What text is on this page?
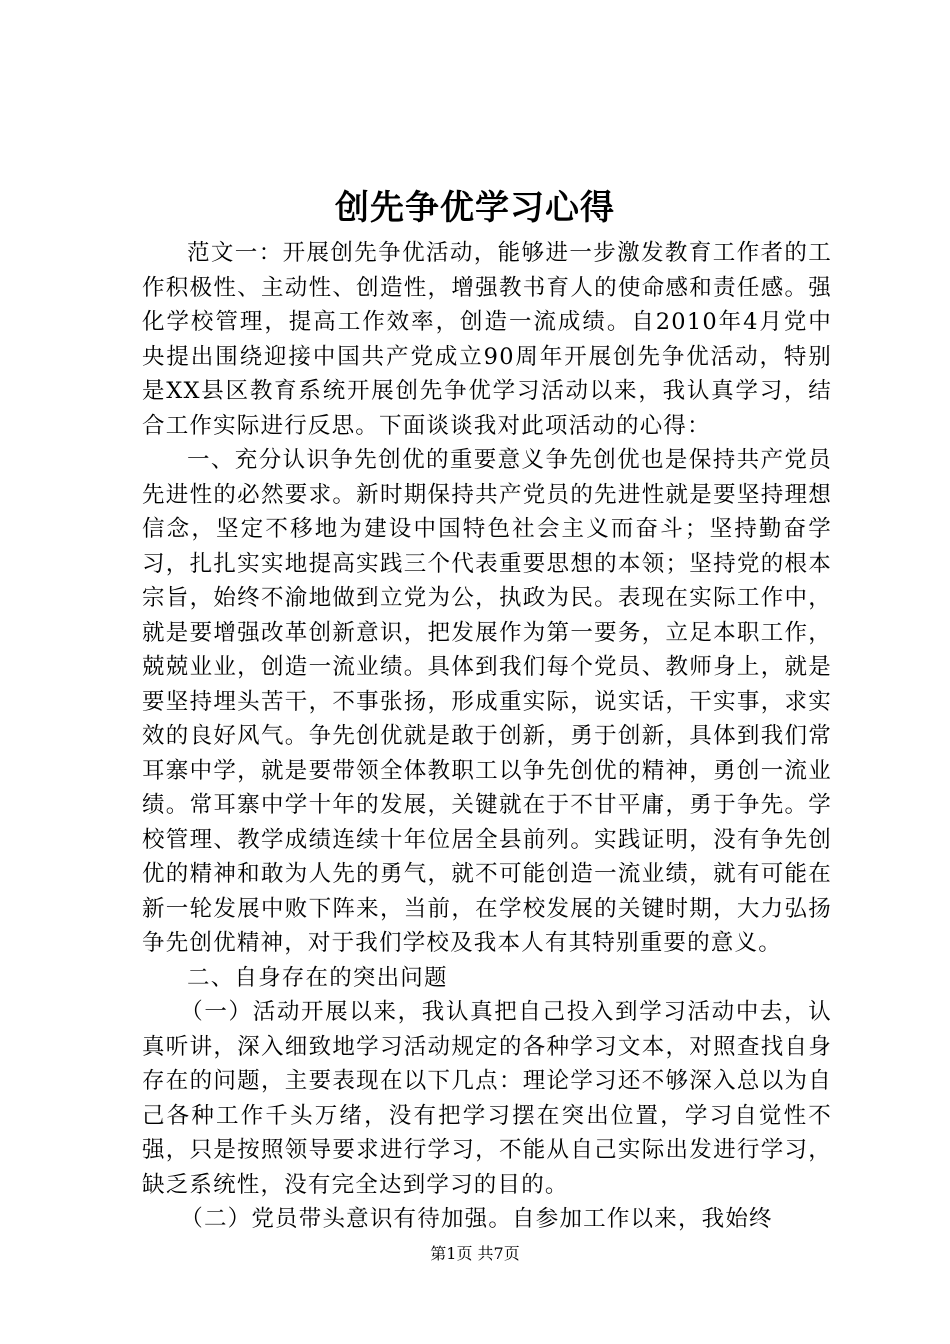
创先争优学习心得

范文一：开展创先争优活动，能够进一步激发教育工作者的工作积极性、主动性、创造性，增强教书育人的使命感和责任感。强化学校管理，提高工作效率，创造一流成绩。自2010年4月党中央提出围绕迎接中国共产党成立90周年开展创先争优活动，特别是XX县区教育系统开展创先争优学习活动以来，我认真学习，结合工作实际进行反思。下面谈谈我对此项活动的心得：

一、充分认识争先创优的重要意义争先创优也是保持共产党员先进性的必然要求。新时期保持共产党员的先进性就是要坚持理想信念，坚定不移地为建设中国特色社会主义而奋斗；坚持勤奋学习，扎扎实实地提高实践三个代表重要思想的本领；坚持党的根本宗旨，始终不渝地做到立党为公，执政为民。表现在实际工作中，就是要增强改革创新意识，把发展作为第一要务，立足本职工作，兢兢业业，创造一流业绩。具体到我们每个党员、教师身上，就是要坚持埋头苦干，不事张扬，形成重实际，说实话，干实事，求实效的良好风气。争先创优就是敢于创新，勇于创新，具体到我们常耳寨中学，就是要带领全体教职工以争先创优的精神，勇创一流业绩。常耳寨中学十年的发展，关键就在于不甘平庸，勇于争先。学校管理、教学成绩连续十年位居全县前列。实践证明，没有争先创优的精神和敢为人先的勇气，就不可能创造一流业绩，就有可能在新一轮发展中败下阵来，当前，在学校发展的关键时期，大力弘扬争先创优精神，对于我们学校及我本人有其特别重要的意义。

二、自身存在的突出问题

（一）活动开展以来，我认真把自己投入到学习活动中去，认真听讲，深入细致地学习活动规定的各种学习文本，对照查找自身存在的问题，主要表现在以下几点：理论学习还不够深入总以为自己各种工作千头万绪，没有把学习摆在突出位置，学习自觉性不强，只是按照领导要求进行学习，不能从自己实际出发进行学习，缺乏系统性，没有完全达到学习的目的。

（二）党员带头意识有待加强。自参加工作以来，我始终

第1页 共7页
